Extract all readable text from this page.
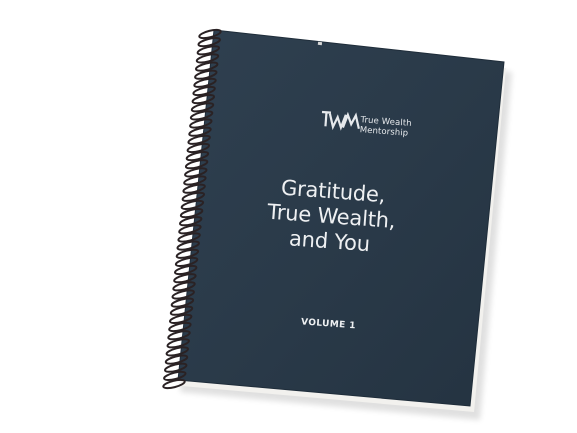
True Wealth
Mentorship
Gratitude,
True Wealth,
and You
VOLUME 1
